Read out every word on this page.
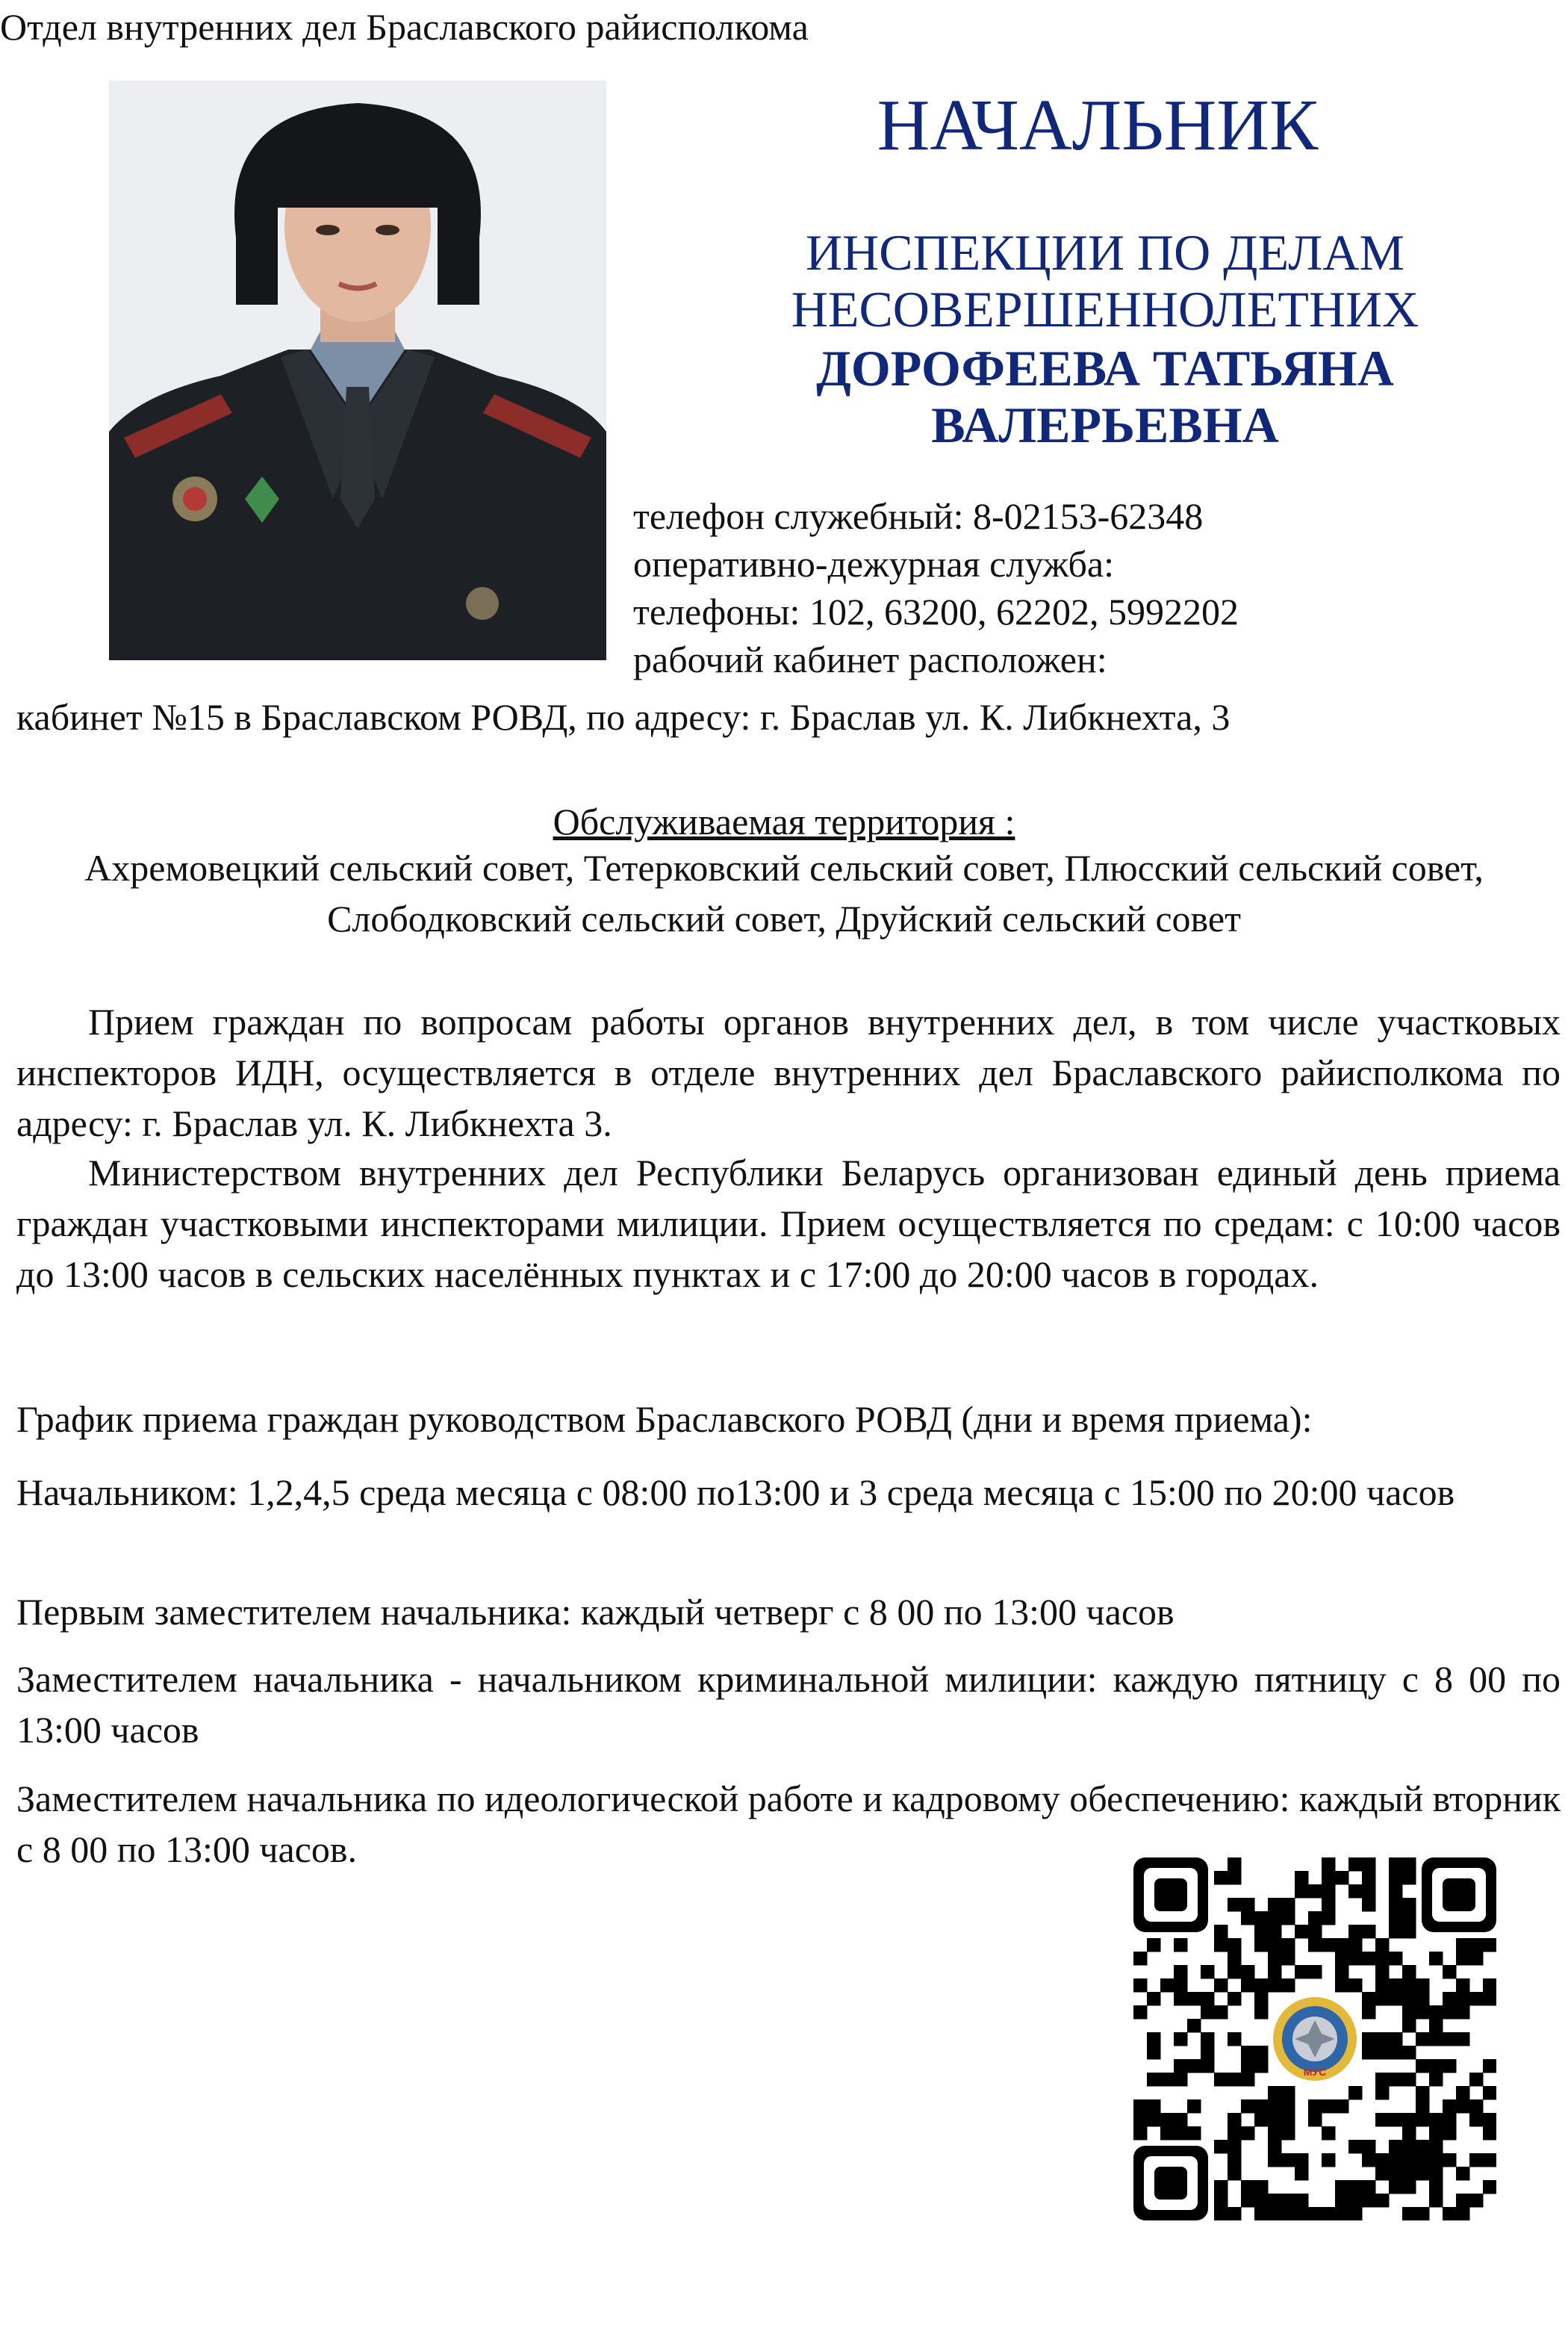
Отдел внутренних дел Браславского райисполкома
НАЧАЛЬНИК
ИНСПЕКЦИИ ПО ДЕЛАМ НЕСОВЕРШЕННОЛЕТНИХ
ДОРОФЕЕВА ТАТЬЯНА ВАЛЕРЬЕВНА
телефон служебный: 8-02153-62348
оперативно-дежурная служба:
телефоны: 102, 63200, 62202, 5992202
рабочий кабинет расположен:
кабинет №15 в Браславском РОВД, по адресу: г. Браслав ул. К. Либкнехта, 3
Обслуживаемая территория :
Ахремовецкий сельский совет, Тетерковский сельский совет, Плюсский сельский совет, Слободковский сельский совет, Друйский сельский совет
Прием граждан по вопросам работы органов внутренних дел, в том числе участковых инспекторов ИДН, осуществляется в отделе внутренних дел Браславского райисполкома по адресу: г. Браслав ул. К. Либкнехта 3.
Министерством внутренних дел Республики Беларусь организован единый день приема граждан участковыми инспекторами милиции. Прием осуществляется по средам: с 10:00 часов до 13:00 часов в сельских населённых пунктах и с 17:00 до 20:00 часов в городах.
График приема граждан руководством Браславского РОВД (дни и время приема):
Начальником: 1,2,4,5 среда месяца с 08:00 по13:00 и 3 среда месяца с 15:00 по 20:00 часов
Первым заместителем начальника: каждый четверг с 8 00 по 13:00 часов
Заместителем начальника - начальником криминальной милиции: каждую пятницу с 8 00 по 13:00 часов
Заместителем начальника по идеологической работе и кадровому обеспечению: каждый вторник с 8 00 по 13:00 часов.
МУС
